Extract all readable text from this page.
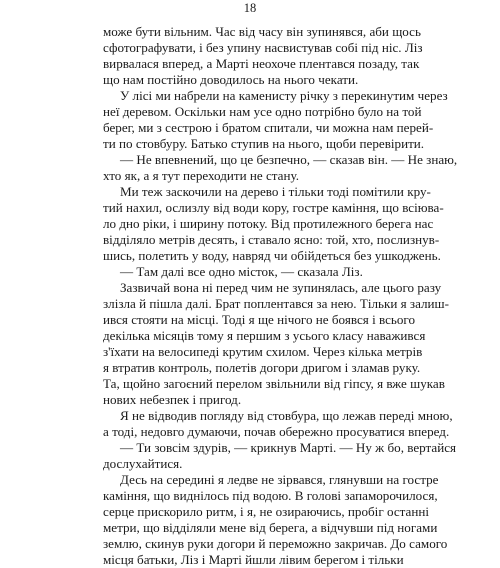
18
може бути вільним. Час від часу він зупинявся, аби щось
сфотографувати, і без упину насвистував собі під ніс. Ліз
вирвалася вперед, а Марті неохоче плентався позаду, так
що нам постійно доводилось на нього чекати.
У лісі ми набрели на каменисту річку з перекинутим через
неї деревом. Оскільки нам усе одно потрібно було на той
берег, ми з сестрою і братом спитали, чи можна нам перей-
ти по стовбуру. Батько ступив на нього, щоби перевірити.
— Не впевнений, що це безпечно, — сказав він. — Не знаю,
хто як, а я тут переходити не стану.
Ми теж заскочили на дерево і тільки тоді помітили кру-
тий нахил, ослизлу від води кору, гостре каміння, що всіюва-
ло дно ріки, і ширину потоку. Від протилежного берега нас
відділяло метрів десять, і ставало ясно: той, хто, послизнув-
шись, полетить у воду, навряд чи обійдеться без ушкоджень.
— Там далі все одно місток, — сказала Ліз.
Зазвичай вона ні перед чим не зупинялась, але цього разу
злізла й пішла далі. Брат поплентався за нею. Тільки я залиш-
ився стояти на місці. Тоді я ще нічого не боявся і всього
декілька місяців тому я першим з усього класу наважився
з'їхати на велосипеді крутим схилом. Через кілька метрів
я втратив контроль, полетів догори дригом і зламав руку.
Та, щойно загоєний перелом звільнили від гіпсу, я вже шукав
нових небезпек і пригод.
Я не відводив погляду від стовбура, що лежав переді мною,
а тоді, недовго думаючи, почав обережно просуватися вперед.
— Ти зовсім здурів, — крикнув Марті. — Ну ж бо, вертайся
дослухайтися.
Десь на середині я ледве не зірвався, глянувши на гостре
каміння, що виднілось під водою. В голові запаморочилося,
серце прискорило ритм, і я, не озираючись, пробіг останні
метри, що відділяли мене від берега, а відчувши під ногами
землю, скинув руки догори й переможно закричав. До самого
місця батьки, Ліз і Марті йшли лівим берегом і тільки
